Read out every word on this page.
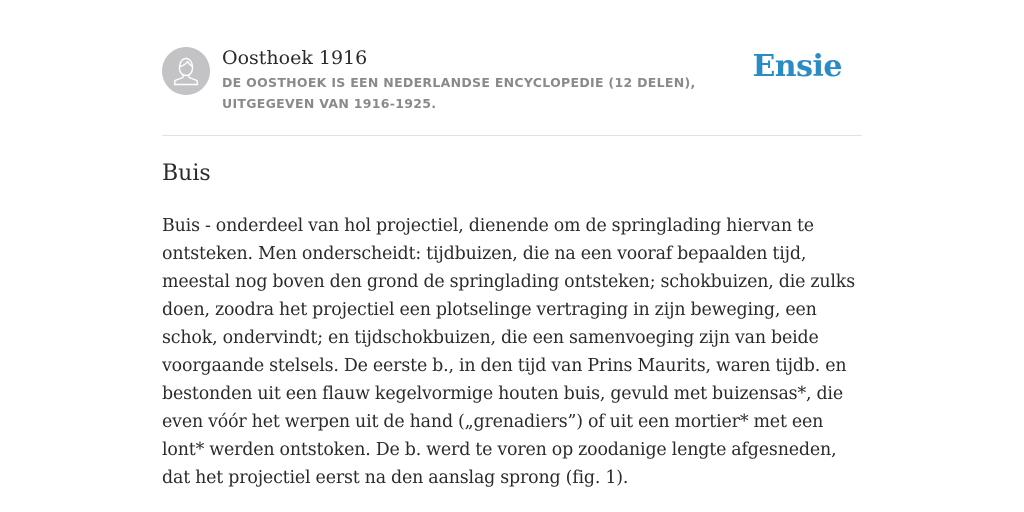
Oosthoek 1916
DE OOSTHOEK IS EEN NEDERLANDSE ENCYCLOPEDIE (12 DELEN), UITGEGEVEN VAN 1916-1925.
Ensie
Buis

Buis - onderdeel van hol projectiel, dienende om de springlading hiervan te ontsteken. Men onderscheidt: tijdbuizen, die na een vooraf bepaalden tijd, meestal nog boven den grond de springlading ontsteken; schokbuizen, die zulks doen, zoodra het projectiel een plotselinge vertraging in zijn beweging, een schok, ondervindt; en tijdschokbuizen, die een samenvoeging zijn van beide voorgaande stelsels. De eerste b., in den tijd van Prins Maurits, waren tijdb. en bestonden uit een flauw kegelvormige houten buis, gevuld met buizensas*, die even vóór het werpen uit de hand („grenadiers”) of uit een mortier* met een lont* werden ontstoken. De b. werd te voren op zoodanige lengte afgesneden, dat het projectiel eerst na den aanslag sprong (fig. 1).
